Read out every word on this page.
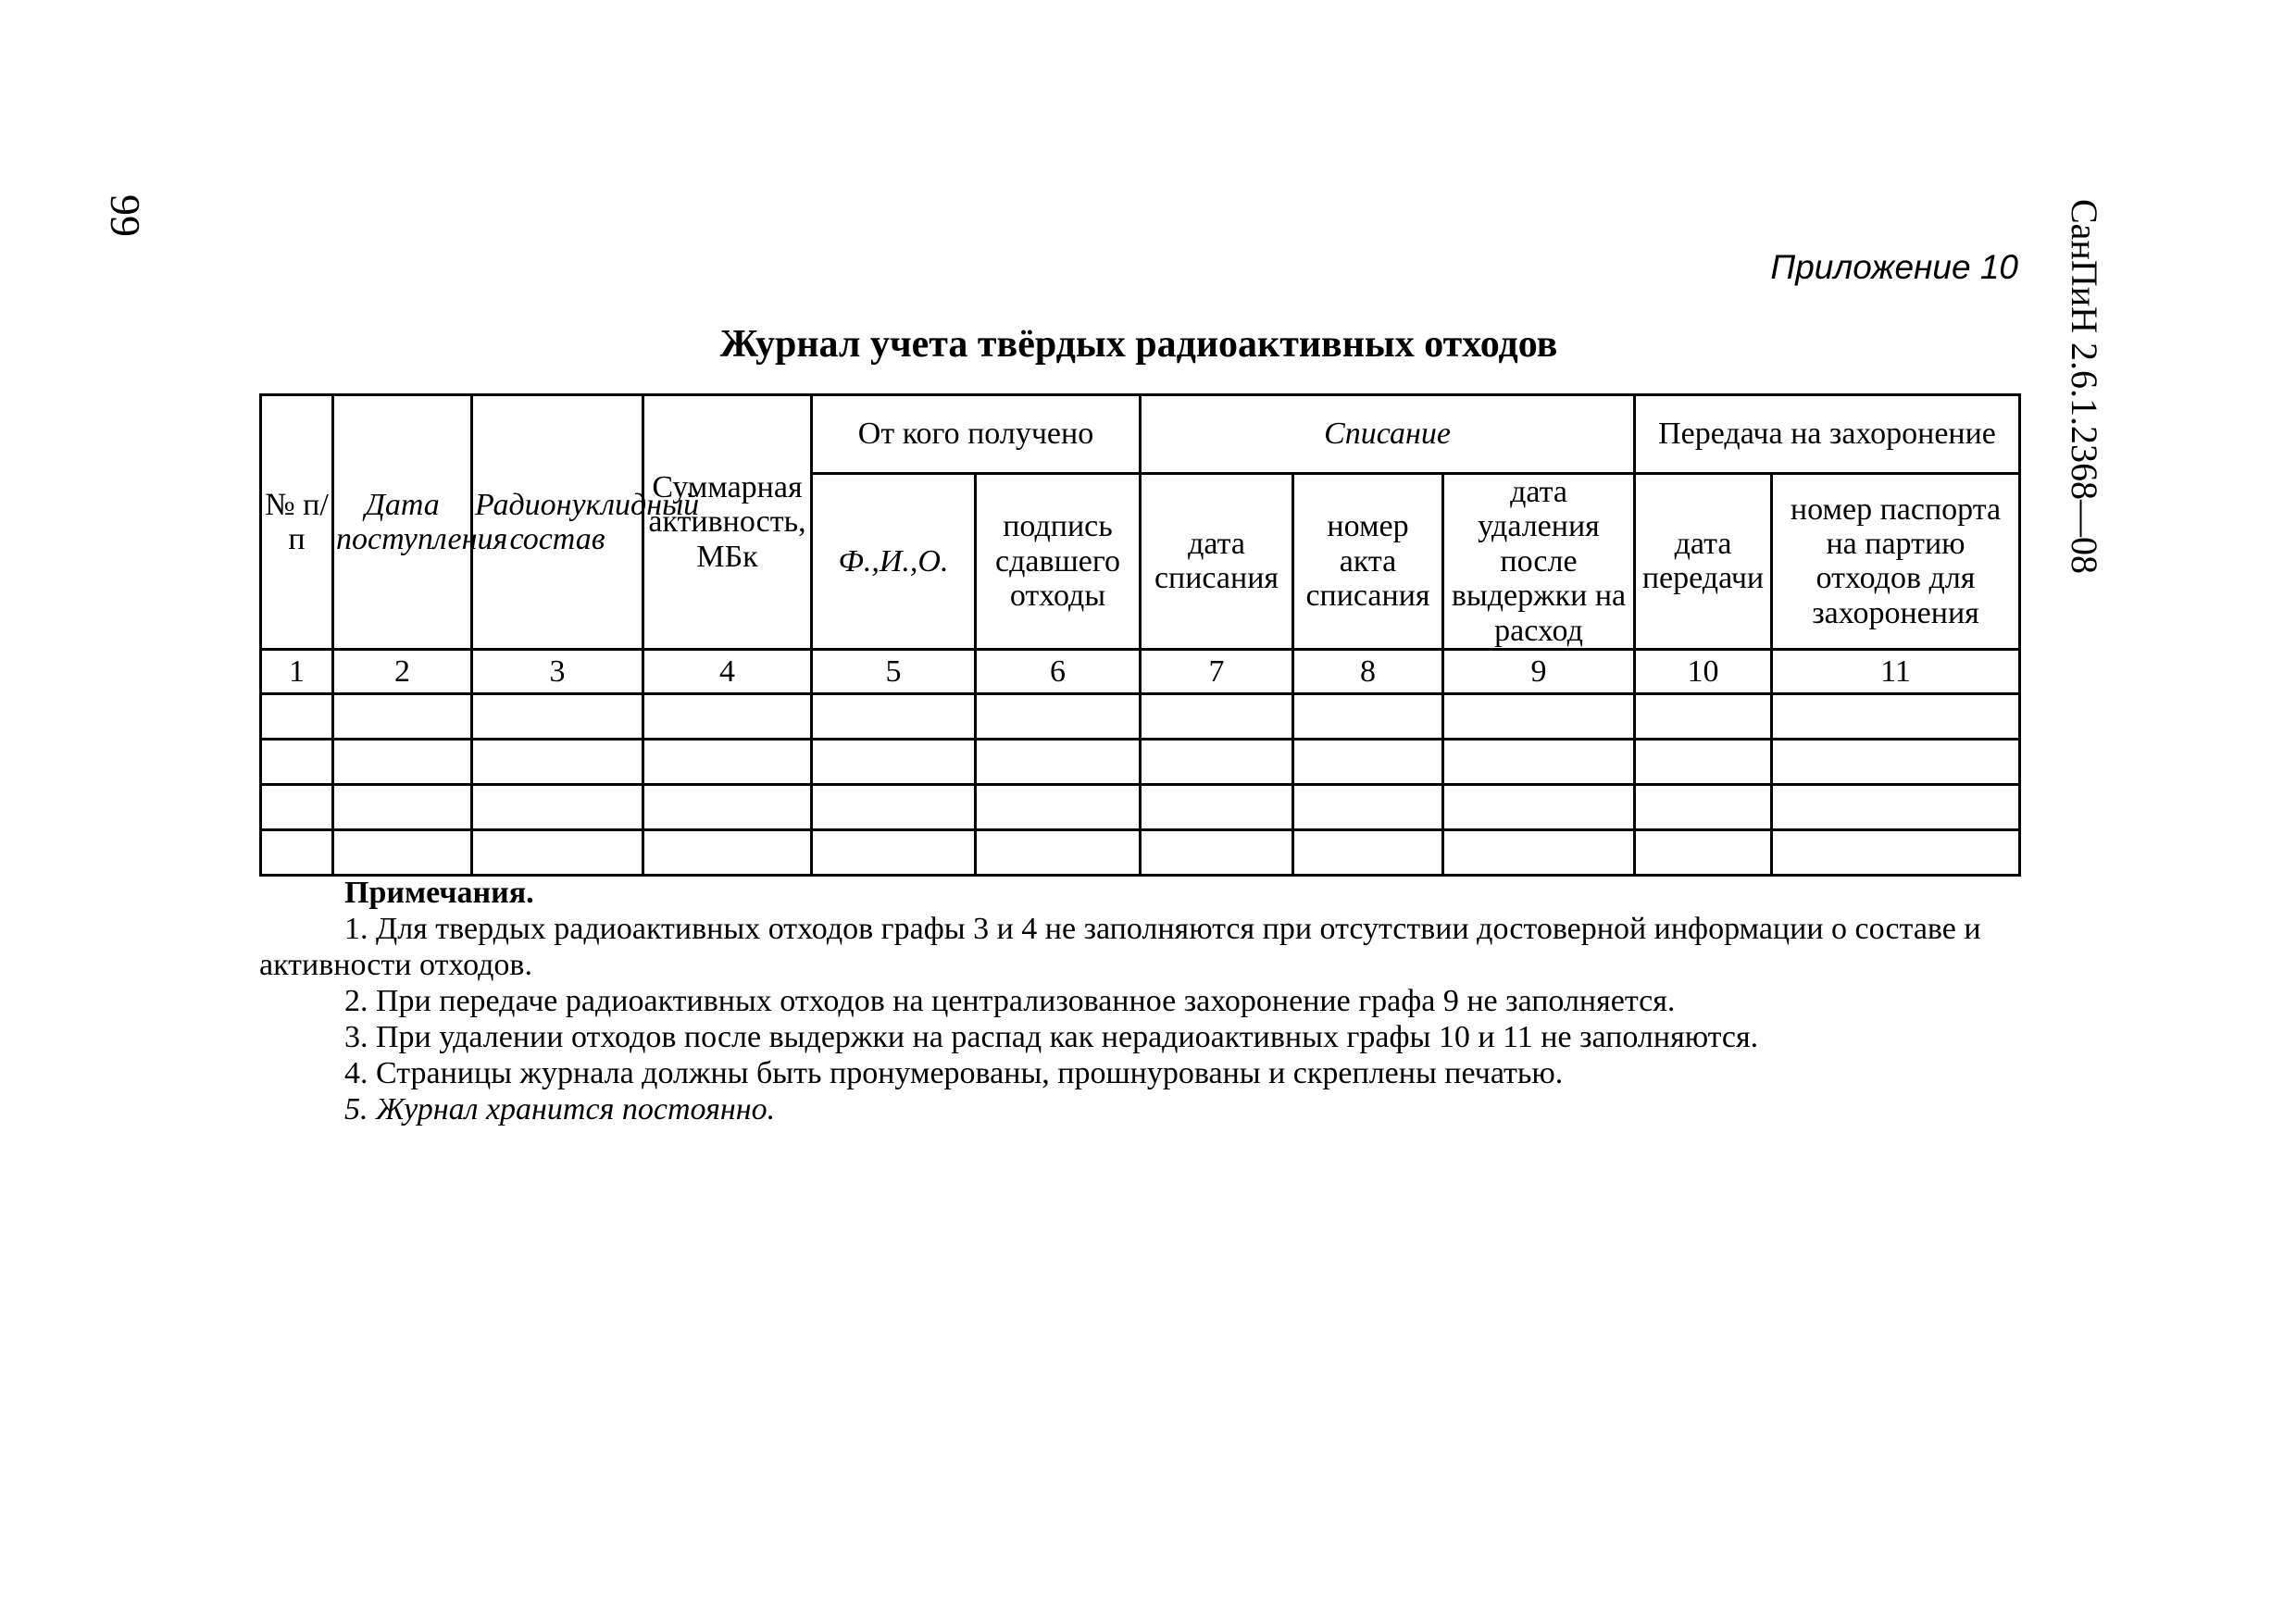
99	СанПиН 2.6.1.2368—08
Приложение 10
Журнал учета твёрдых радиоактивных отходов
№ п/п	Дата поступления	Радионуклидный состав	Суммарная активность, МБк	От кого получено		Списание			Передача на захоронение	
				Ф.,И.,О.	подпись сдавшего отходы	дата списания	номер акта списания	дата удаления после выдержки на расход	дата передачи	номер паспорта на партию отходов для захоронения
1	2	3	4	5	6	7	8	9	10	11

Примечания.

1. Для твердых радиоактивных отходов графы 3 и 4 не заполняются при отсутствии достоверной информации о составе и активности отходов.

2. При передаче радиоактивных отходов на централизованное захоронение графа 9 не заполняется.

3. При удалении отходов после выдержки на распад как нерадиоактивных графы 10 и 11 не заполняются.

4. Страницы журнала должны быть пронумерованы, прошнурованы и скреплены печатью.

5. Журнал хранится постоянно.
